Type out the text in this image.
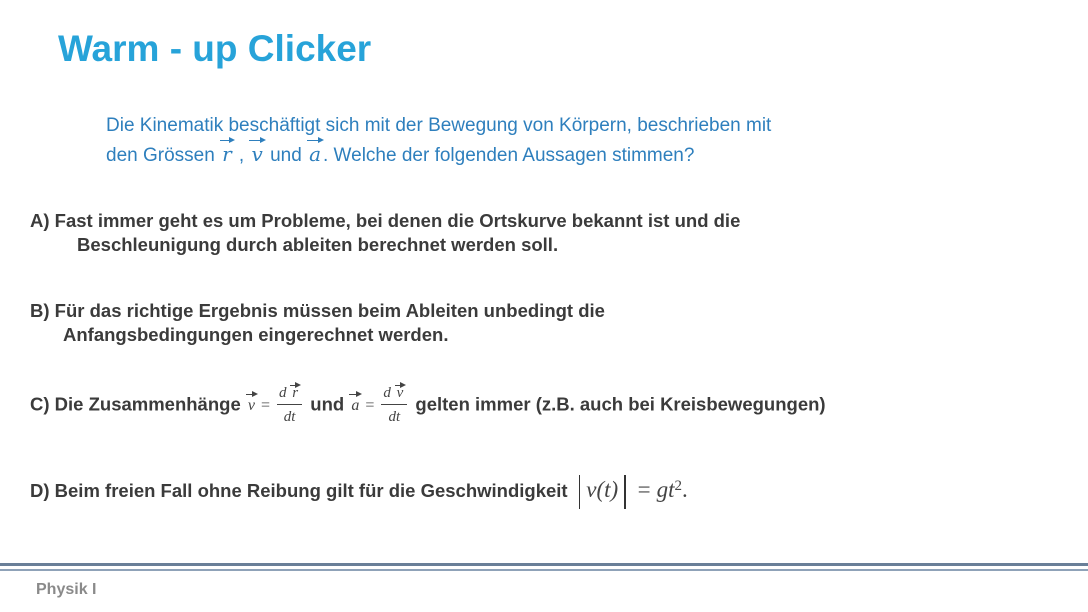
Warm - up Clicker
Die Kinematik beschäftigt sich mit der Bewegung von Körpern, beschrieben mit
den Grössen r , v und a . Welche der folgenden Aussagen stimmen?
A) Fast immer geht es um Probleme, bei denen die Ortskurve bekannt ist und die
Beschleunigung durch ableiten berechnet werden soll.
B) Für das richtige Ergebnis müssen beim Ableiten unbedingt die
Anfangsbedingungen eingerechnet werden.
C) Die Zusammenhänge $v = \frac{\text{d r}}{dt}$ und $a = \frac{\text{d v}}{dt}$ gelten immer (z.B. auch bei Kreisbewegungen)
D) Beim freien Fall ohne Reibung gilt für die Geschwindigkeit $v(t) = gt^2$.
Physik I
